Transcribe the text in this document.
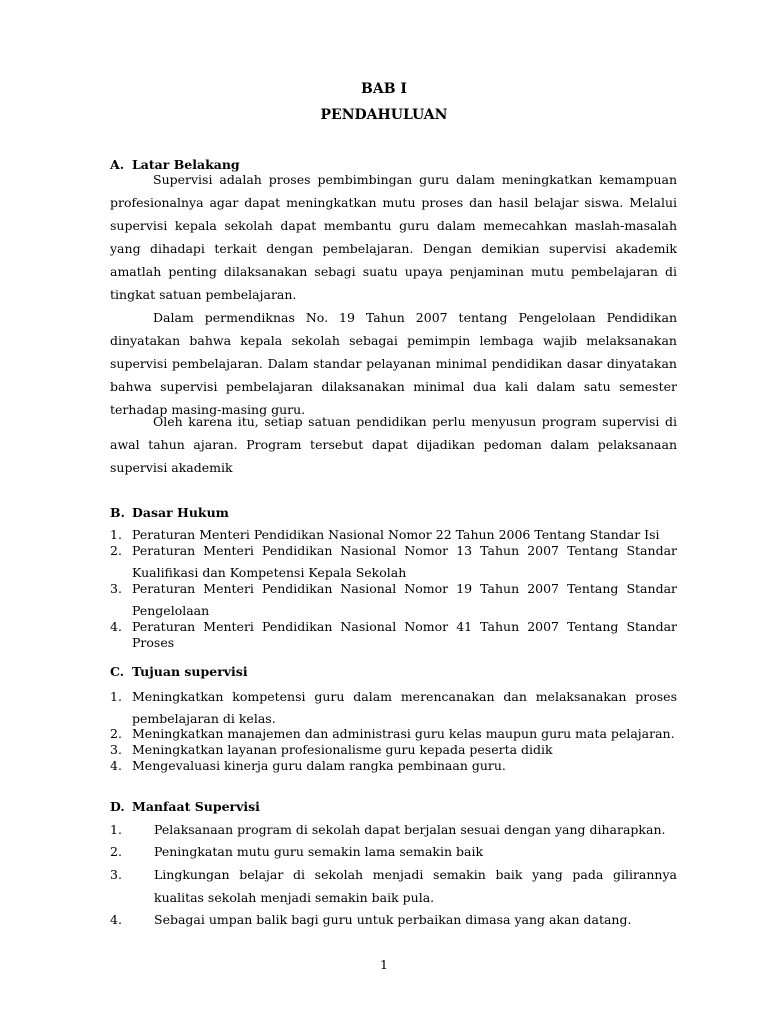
BAB I
PENDAHULUAN
A. Latar Belakang

Supervisi adalah proses pembimbingan guru dalam meningkatkan kemampuan profesionalnya agar dapat meningkatkan mutu proses dan hasil belajar siswa. Melalui supervisi kepala sekolah dapat membantu guru dalam memecahkan maslah-masalah yang dihadapi terkait dengan pembelajaran. Dengan demikian supervisi akademik amatlah penting dilaksanakan sebagi suatu upaya penjaminan mutu pembelajaran di tingkat satuan pembelajaran.

Dalam permendiknas No. 19 Tahun 2007 tentang Pengelolaan Pendidikan dinyatakan bahwa kepala sekolah sebagai pemimpin lembaga wajib melaksanakan supervisi pembelajaran. Dalam standar pelayanan minimal pendidikan dasar dinyatakan bahwa supervisi pembelajaran dilaksanakan minimal dua kali dalam satu semester terhadap masing-masing guru.

Oleh karena itu, setiap satuan pendidikan perlu menyusun program supervisi di awal tahun ajaran. Program tersebut dapat dijadikan pedoman dalam pelaksanaan supervisi akademik

B. Dasar Hukum
1. Peraturan Menteri Pendidikan Nasional Nomor 22 Tahun 2006 Tentang Standar Isi
2. Peraturan Menteri Pendidikan Nasional Nomor 13 Tahun 2007 Tentang Standar Kualifikasi dan Kompetensi Kepala Sekolah
3. Peraturan Menteri Pendidikan Nasional Nomor 19 Tahun 2007 Tentang Standar Pengelolaan
4. Peraturan Menteri Pendidikan Nasional Nomor 41 Tahun 2007 Tentang Standar Proses
C. Tujuan supervisi
1. Meningkatkan kompetensi guru dalam merencanakan dan melaksanakan proses pembelajaran di kelas.
2. Meningkatkan manajemen dan administrasi guru kelas maupun guru mata pelajaran.
3. Meningkatkan layanan profesionalisme guru kepada peserta didik
4. Mengevaluasi kinerja guru dalam rangka pembinaan guru.
D. Manfaat Supervisi
1.	Pelaksanaan program di sekolah dapat berjalan sesuai dengan yang diharapkan.
2.	Peningkatan mutu guru semakin lama semakin baik
3.	Lingkungan belajar di sekolah menjadi semakin baik yang pada gilirannya kualitas sekolah menjadi semakin baik pula.
4.	Sebagai umpan balik bagi guru untuk perbaikan dimasa yang akan datang.
1
